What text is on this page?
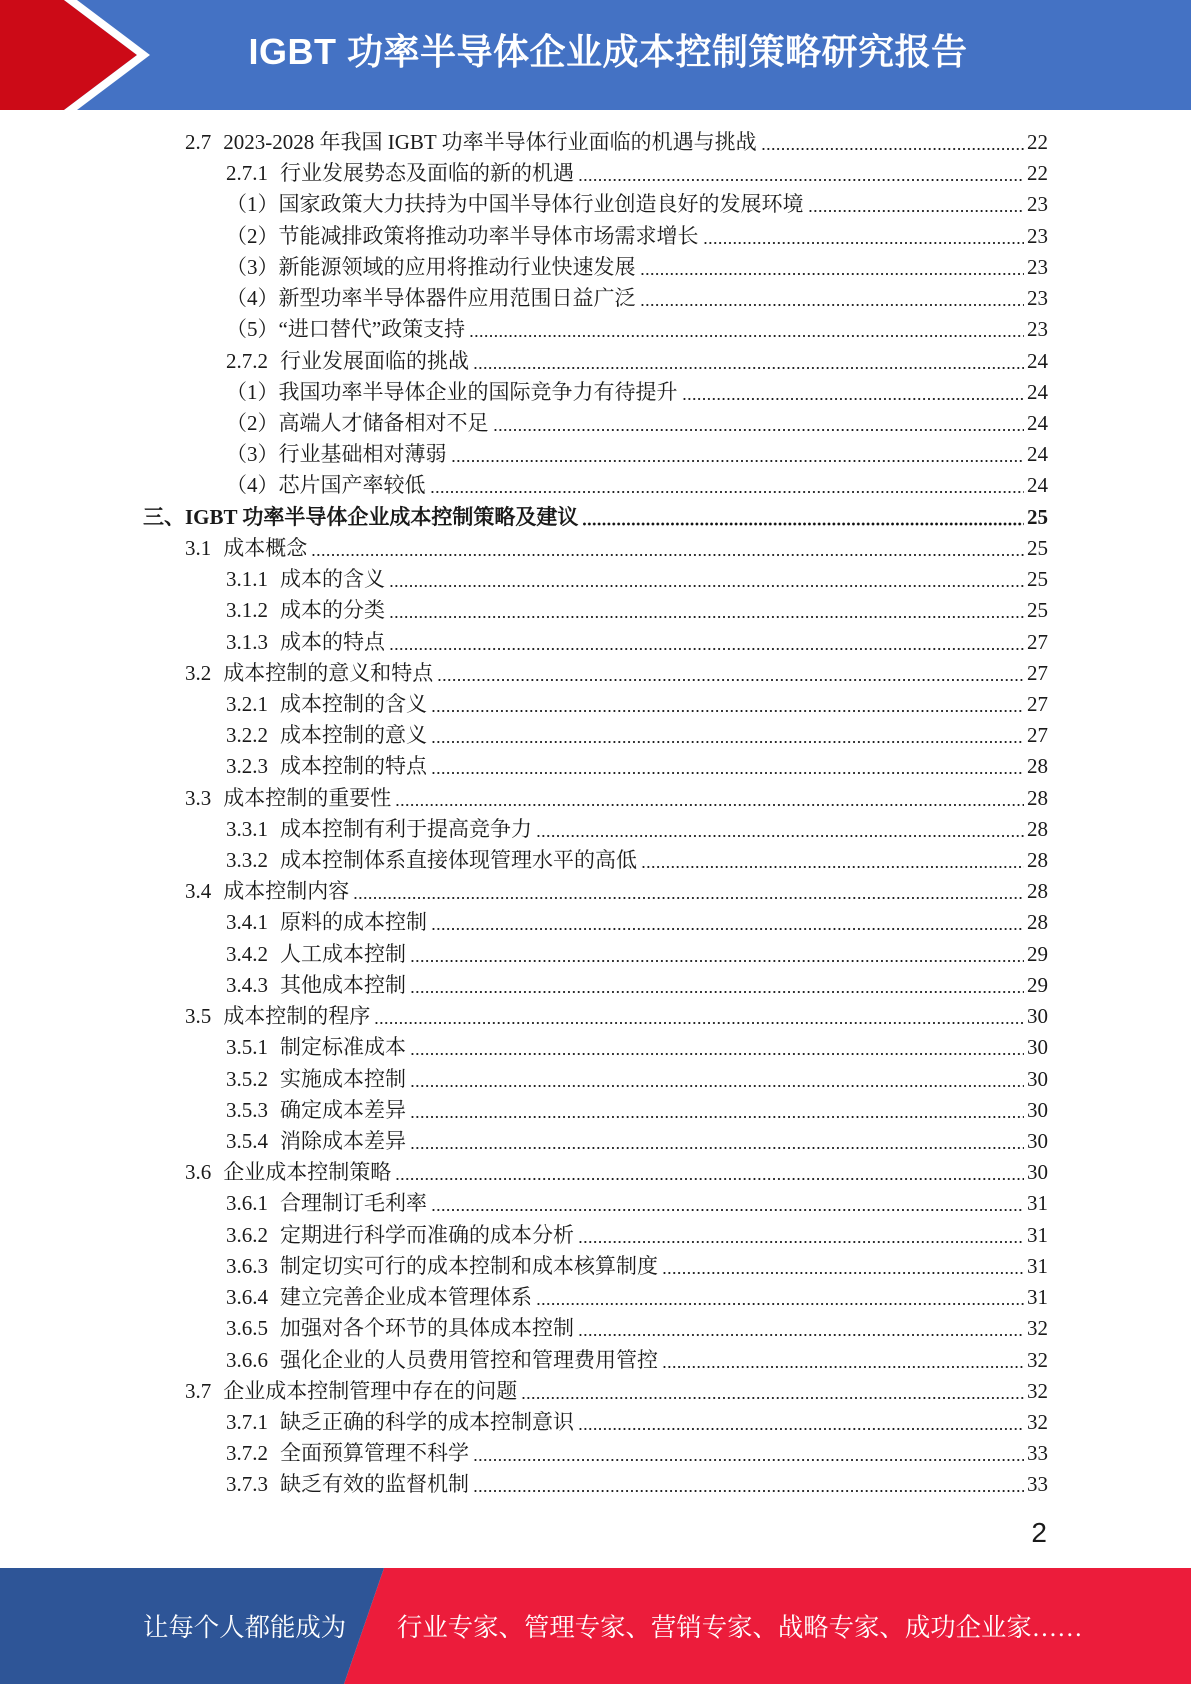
IGBT 功率半导体企业成本控制策略研究报告
2.7 2023-2028 年我国 IGBT 功率半导体行业面临的机遇与挑战	22
2.7.1 行业发展势态及面临的新的机遇	22
（1） 国家政策大力扶持为中国半导体行业创造良好的发展环境	23
（2） 节能减排政策将推动功率半导体市场需求增长	23
（3） 新能源领域的应用将推动行业快速发展	23
（4） 新型功率半导体器件应用范围日益广泛	23
（5） “进口替代”政策支持	23
2.7.2 行业发展面临的挑战	24
（1） 我国功率半导体企业的国际竞争力有待提升	24
（2） 高端人才储备相对不足	24
（3） 行业基础相对薄弱	24
（4） 芯片国产率较低	24
三、 IGBT 功率半导体企业成本控制策略及建议	25
3.1 成本概念	25
3.1.1 成本的含义	25
3.1.2 成本的分类	25
3.1.3 成本的特点	27
3.2 成本控制的意义和特点	27
3.2.1 成本控制的含义	27
3.2.2 成本控制的意义	27
3.2.3 成本控制的特点	28
3.3 成本控制的重要性	28
3.3.1 成本控制有利于提高竞争力	28
3.3.2 成本控制体系直接体现管理水平的高低	28
3.4 成本控制内容	28
3.4.1 原料的成本控制	28
3.4.2 人工成本控制	29
3.4.3 其他成本控制	29
3.5 成本控制的程序	30
3.5.1 制定标准成本	30
3.5.2 实施成本控制	30
3.5.3 确定成本差异	30
3.5.4 消除成本差异	30
3.6 企业成本控制策略	30
3.6.1 合理制订毛利率	31
3.6.2 定期进行科学而准确的成本分析	31
3.6.3 制定切实可行的成本控制和成本核算制度	31
3.6.4 建立完善企业成本管理体系	31
3.6.5 加强对各个环节的具体成本控制	32
3.6.6 强化企业的人员费用管控和管理费用管控	32
3.7 企业成本控制管理中存在的问题	32
3.7.1 缺乏正确的科学的成本控制意识	32
3.7.2 全面预算管理不科学	33
3.7.3 缺乏有效的监督机制	33
2
让每个人都能成为 行业专家、管理专家、营销专家、战略专家、成功企业家……
